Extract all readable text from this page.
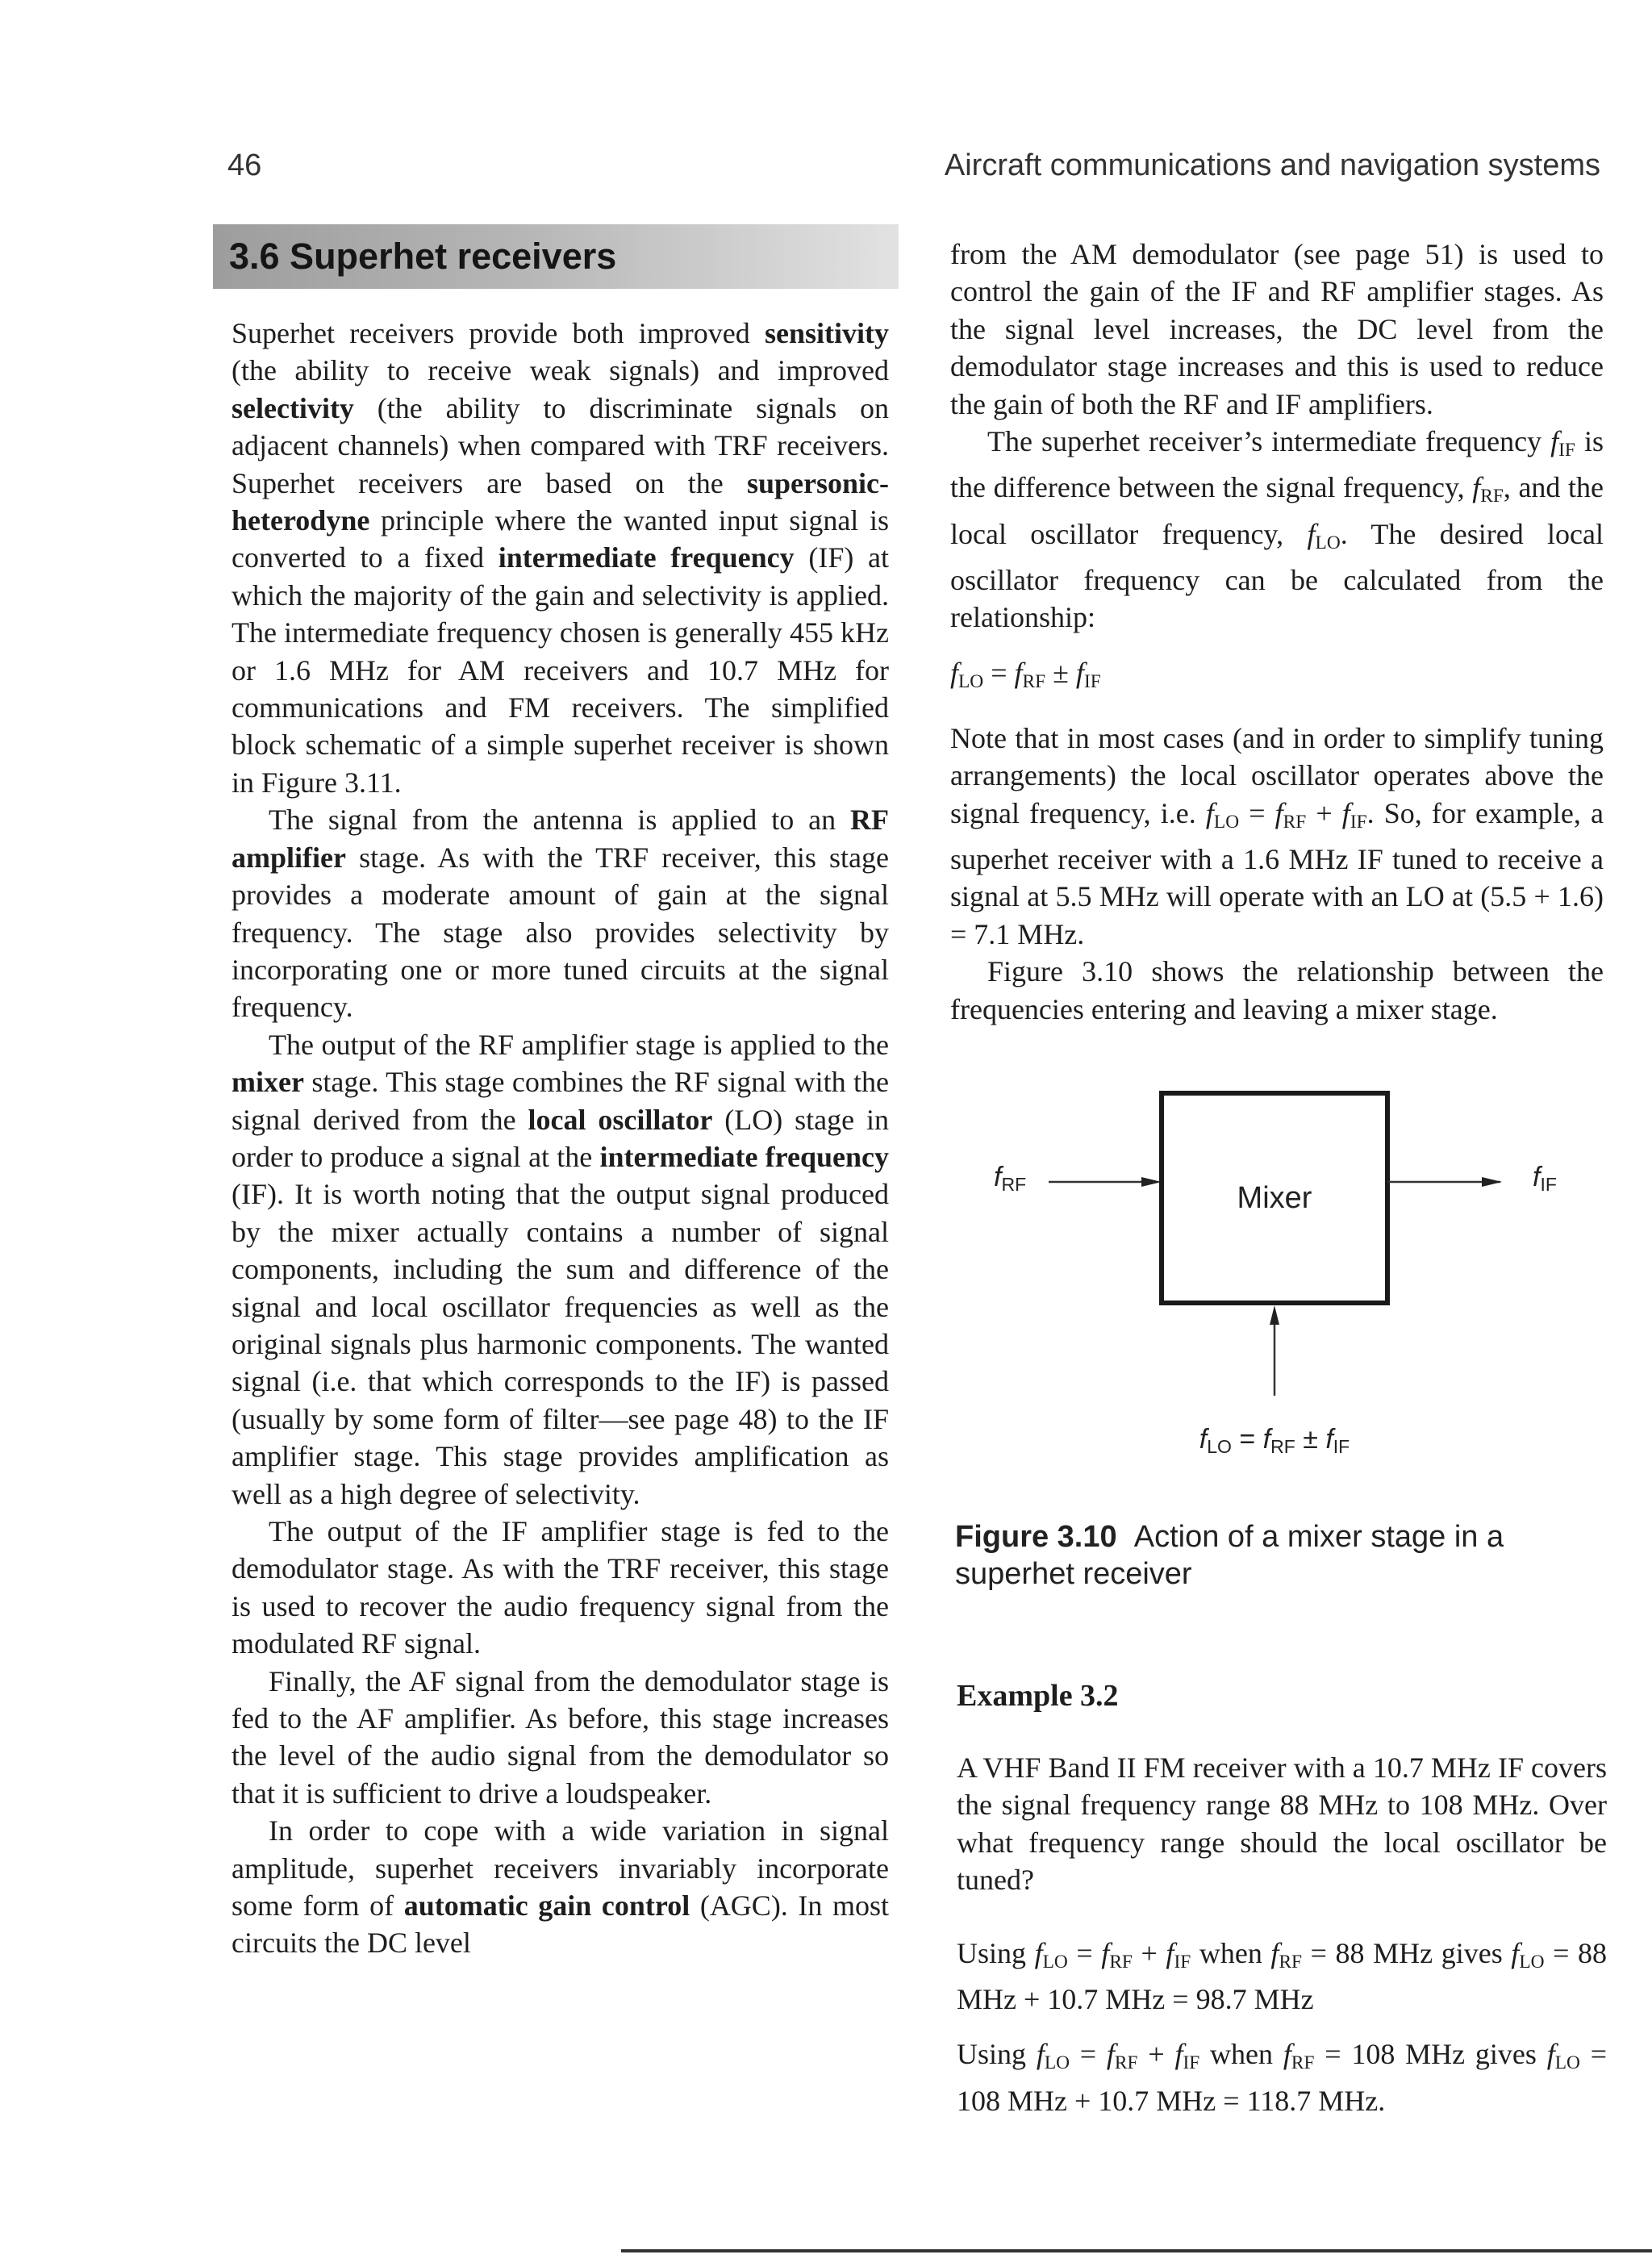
46	Aircraft communications and navigation systems
3.6 Superhet receivers

Superhet receivers provide both improved sensitivity (the ability to receive weak signals) and improved selectivity (the ability to discriminate signals on adjacent channels) when compared with TRF receivers. Superhet receivers are based on the supersonic-heterodyne principle where the wanted input signal is converted to a fixed intermediate frequency (IF) at which the majority of the gain and selectivity is applied. The intermediate frequency chosen is generally 455 kHz or 1.6 MHz for AM receivers and 10.7 MHz for communications and FM receivers. The simplified block schematic of a simple superhet receiver is shown in Figure 3.11.

The signal from the antenna is applied to an RF amplifier stage. As with the TRF receiver, this stage provides a moderate amount of gain at the signal frequency. The stage also provides selectivity by incorporating one or more tuned circuits at the signal frequency.

The output of the RF amplifier stage is applied to the mixer stage. This stage combines the RF signal with the signal derived from the local oscillator (LO) stage in order to produce a signal at the intermediate frequency (IF). It is worth noting that the output signal produced by the mixer actually contains a number of signal components, including the sum and difference of the signal and local oscillator frequencies as well as the original signals plus harmonic components. The wanted signal (i.e. that which corresponds to the IF) is passed (usually by some form of filter—see page 48) to the IF amplifier stage. This stage provides amplification as well as a high degree of selectivity.

The output of the IF amplifier stage is fed to the demodulator stage. As with the TRF receiver, this stage is used to recover the audio frequency signal from the modulated RF signal.

Finally, the AF signal from the demodulator stage is fed to the AF amplifier. As before, this stage increases the level of the audio signal from the demodulator so that it is sufficient to drive a loudspeaker.

In order to cope with a wide variation in signal amplitude, superhet receivers invariably incorporate some form of automatic gain control (AGC). In most circuits the DC level

from the AM demodulator (see page 51) is used to control the gain of the IF and RF amplifier stages. As the signal level increases, the DC level from the demodulator stage increases and this is used to reduce the gain of both the RF and IF amplifiers.

The superhet receiver’s intermediate frequency $f_{IF}$ is the difference between the signal frequency, $f_{RF}$, and the local oscillator frequency, $f_{LO}$. The desired local oscillator frequency can be calculated from the relationship:

$f_{LO} = f_{RF} \pm f_{IF}$

Note that in most cases (and in order to simplify tuning arrangements) the local oscillator operates above the signal frequency, i.e. $f_{LO} = f_{RF} + f_{IF}$. So, for example, a superhet receiver with a 1.6 MHz IF tuned to receive a signal at 5.5 MHz will operate with an LO at (5.5 + 1.6) = 7.1 MHz.

Figure 3.10 shows the relationship between the frequencies entering and leaving a mixer stage.

Mixer
fRF	fIF
fLO = fRF ± fIF
Figure 3.10 Action of a mixer stage in a superhet receiver
Example 3.2

A VHF Band II FM receiver with a 10.7 MHz IF covers the signal frequency range 88 MHz to 108 MHz. Over what frequency range should the local oscillator be tuned?

Using $f_{LO} = f_{RF} + f_{IF}$ when $f_{RF} = 88$ MHz gives $f_{LO} = 88$ MHz + 10.7 MHz = 98.7 MHz

Using $f_{LO} = f_{RF} + f_{IF}$ when $f_{RF} = 108$ MHz gives $f_{LO} = 108$ MHz + 10.7 MHz = 118.7 MHz.
